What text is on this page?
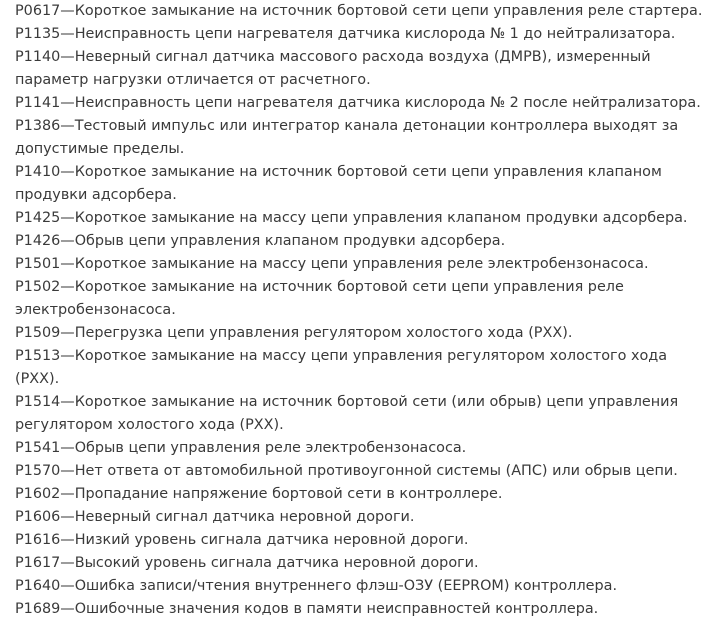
P0617—Короткое замыкание на источник бортовой сети цепи управления реле стартера.

P1135—Неисправность цепи нагревателя датчика кислорода № 1 до нейтрализатора.

P1140—Неверный сигнал датчика массового расхода воздуха (ДМРВ), измеренный параметр нагрузки отличается от расчетного.

P1141—Неисправность цепи нагревателя датчика кислорода № 2 после нейтрализатора.

P1386—Тестовый импульс или интегратор канала детонации контроллера выходят за допустимые пределы.

P1410—Короткое замыкание на источник бортовой сети цепи управления клапаном продувки адсорбера.

P1425—Короткое замыкание на массу цепи управления клапаном продувки адсорбера.

P1426—Обрыв цепи управления клапаном продувки адсорбера.

P1501—Короткое замыкание на массу цепи управления реле электробензонасоса.

P1502—Короткое замыкание на источник бортовой сети цепи управления реле электробензонасоса.

P1509—Перегрузка цепи управления регулятором холостого хода (РХХ).

P1513—Короткое замыкание на массу цепи управления регулятором холостого хода (РХХ).

P1514—Короткое замыкание на источник бортовой сети (или обрыв) цепи управления регулятором холостого хода (РХХ).

P1541—Обрыв цепи управления реле электробензонасоса.

P1570—Нет ответа от автомобильной противоугонной системы (АПС) или обрыв цепи.

P1602—Пропадание напряжение бортовой сети в контроллере.

P1606—Неверный сигнал датчика неровной дороги.

P1616—Низкий уровень сигнала датчика неровной дороги.

P1617—Высокий уровень сигнала датчика неровной дороги.

P1640—Ошибка записи/чтения внутреннего флэш-ОЗУ (EEPROM) контроллера.

P1689—Ошибочные значения кодов в памяти неисправностей контроллера.
